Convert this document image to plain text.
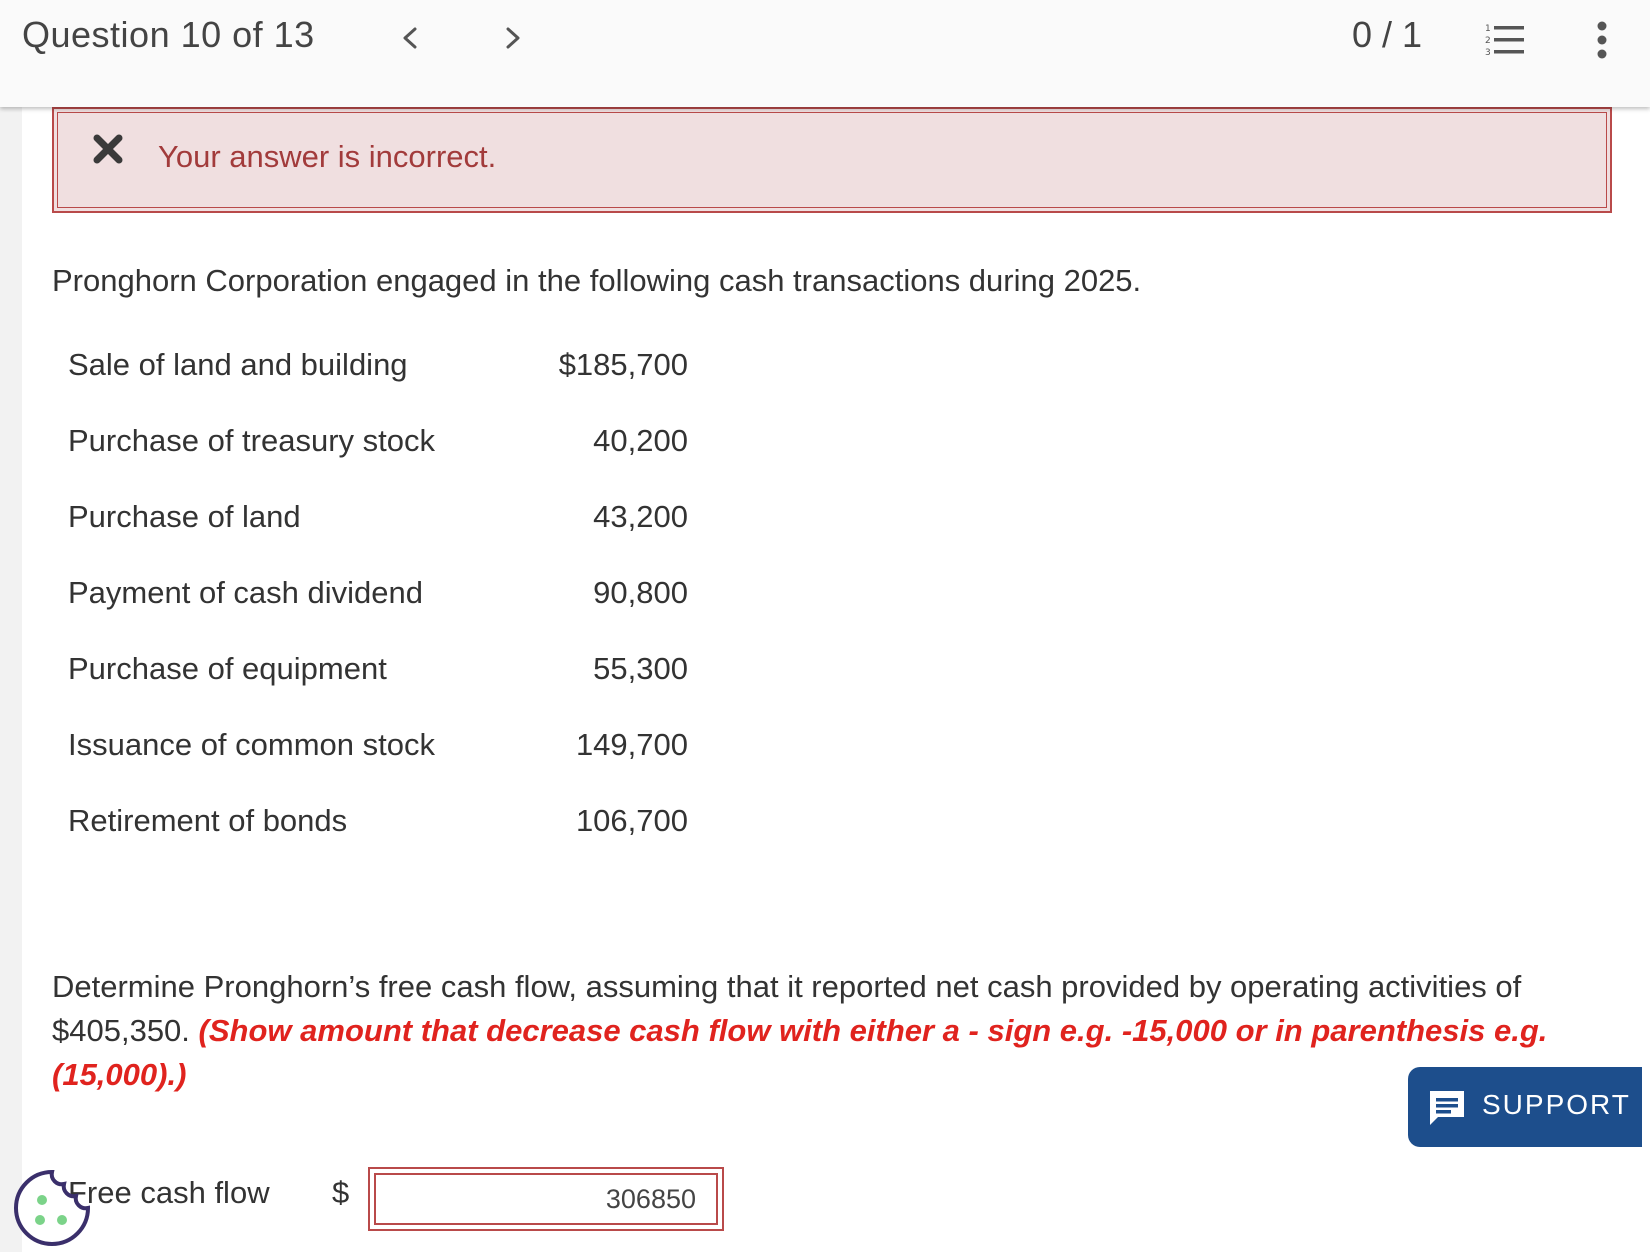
Question 10 of 13	0 / 1	1
2
3
Your answer is incorrect.
Pronghorn Corporation engaged in the following cash transactions during 2025.
Sale of land and building	$185,700
Purchase of treasury stock	40,200
Purchase of land	43,200
Payment of cash dividend	90,800
Purchase of equipment	55,300
Issuance of common stock	149,700
Retirement of bonds	106,700
Determine Pronghorn’s free cash flow, assuming that it reported net cash provided by operating activities of $405,350. (Show amount that decrease cash flow with either a - sign e.g. -15,000 or in parenthesis e.g. (15,000).)
SUPPORT
Free cash flow $
306850
